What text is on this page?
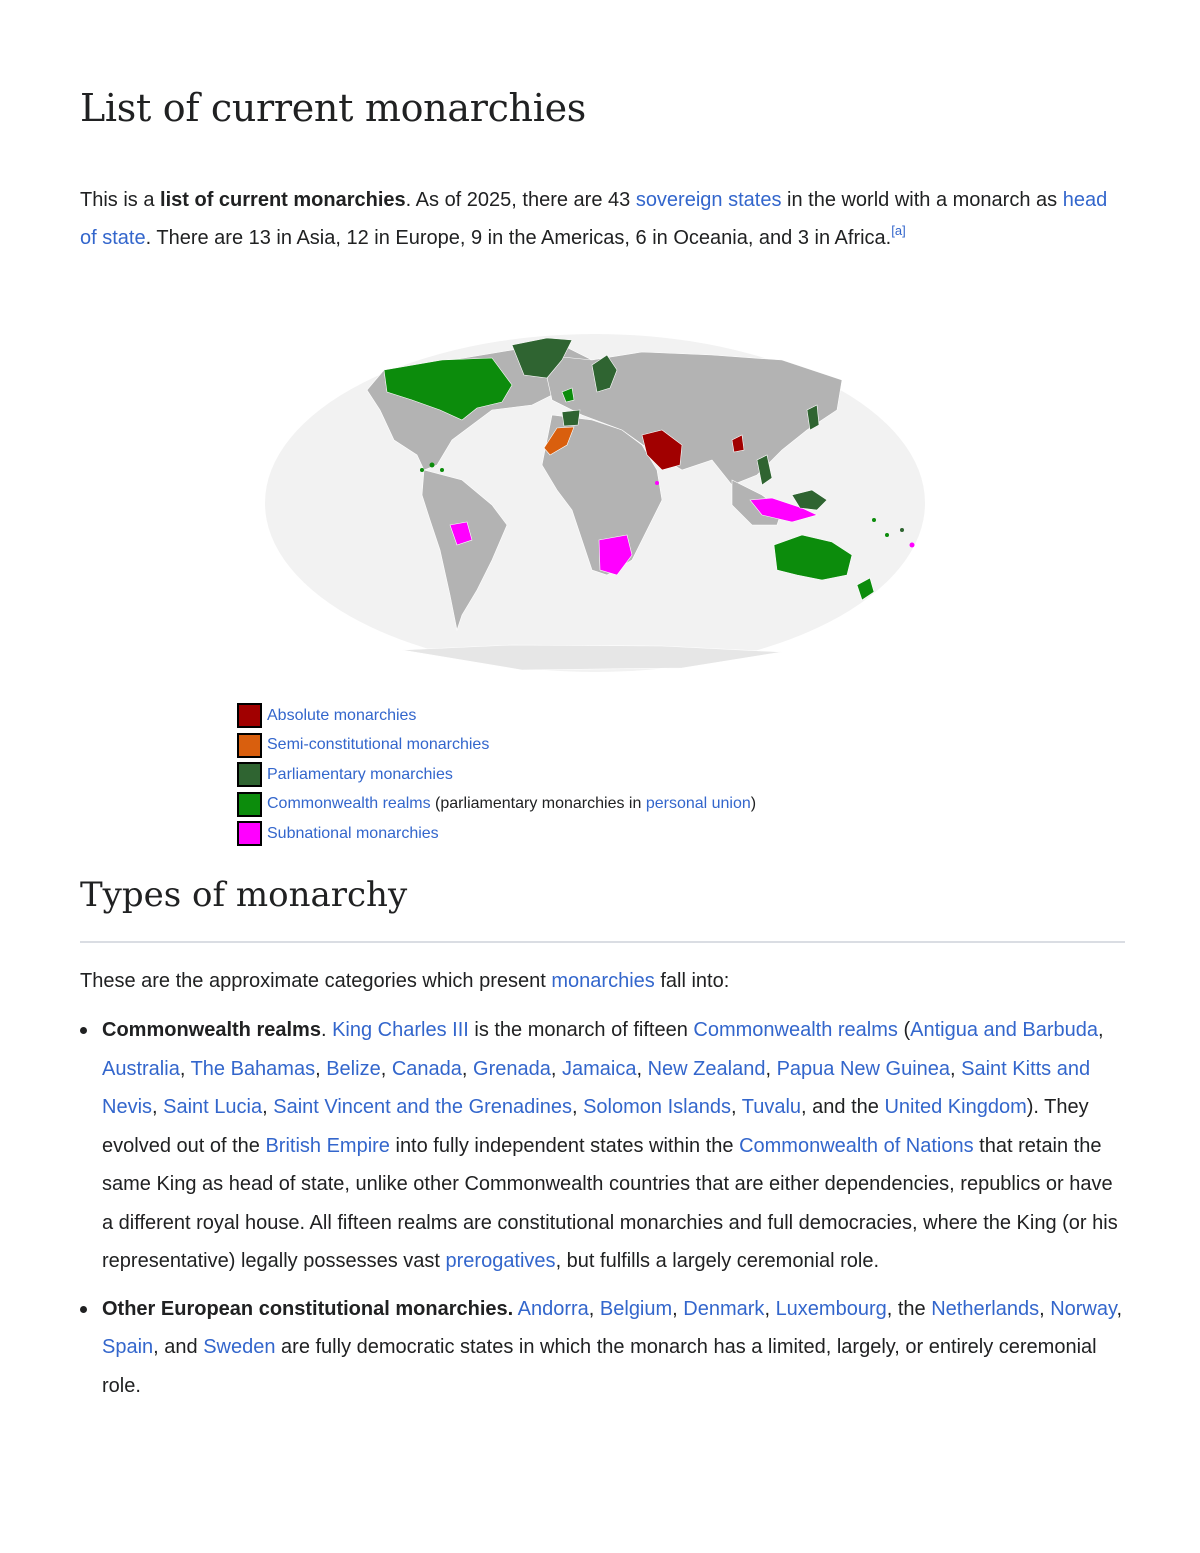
List of current monarchies

This is a list of current monarchies. As of 2025, there are 43 sovereign states in the world with a monarch as head of state. There are 13 in Asia, 12 in Europe, 9 in the Americas, 6 in Oceania, and 3 in Africa.[a]

Absolute monarchies
Semi-constitutional monarchies
Parliamentary monarchies
Commonwealth realms (parliamentary monarchies in personal union )
Subnational monarchies
Types of monarchy

These are the approximate categories which present monarchies fall into:

Commonwealth realms. King Charles III is the monarch of fifteen Commonwealth realms (Antigua and Barbuda, Australia, The Bahamas, Belize, Canada, Grenada, Jamaica, New Zealand, Papua New Guinea, Saint Kitts and Nevis, Saint Lucia, Saint Vincent and the Grenadines, Solomon Islands, Tuvalu, and the United Kingdom). They evolved out of the British Empire into fully independent states within the Commonwealth of Nations that retain the same King as head of state, unlike other Commonwealth countries that are either dependencies, republics or have a different royal house. All fifteen realms are constitutional monarchies and full democracies, where the King (or his representative) legally possesses vast prerogatives, but fulfills a largely ceremonial role.
Other European constitutional monarchies. Andorra, Belgium, Denmark, Luxembourg, the Netherlands, Norway, Spain, and Sweden are fully democratic states in which the monarch has a limited, largely, or entirely ceremonial role.
